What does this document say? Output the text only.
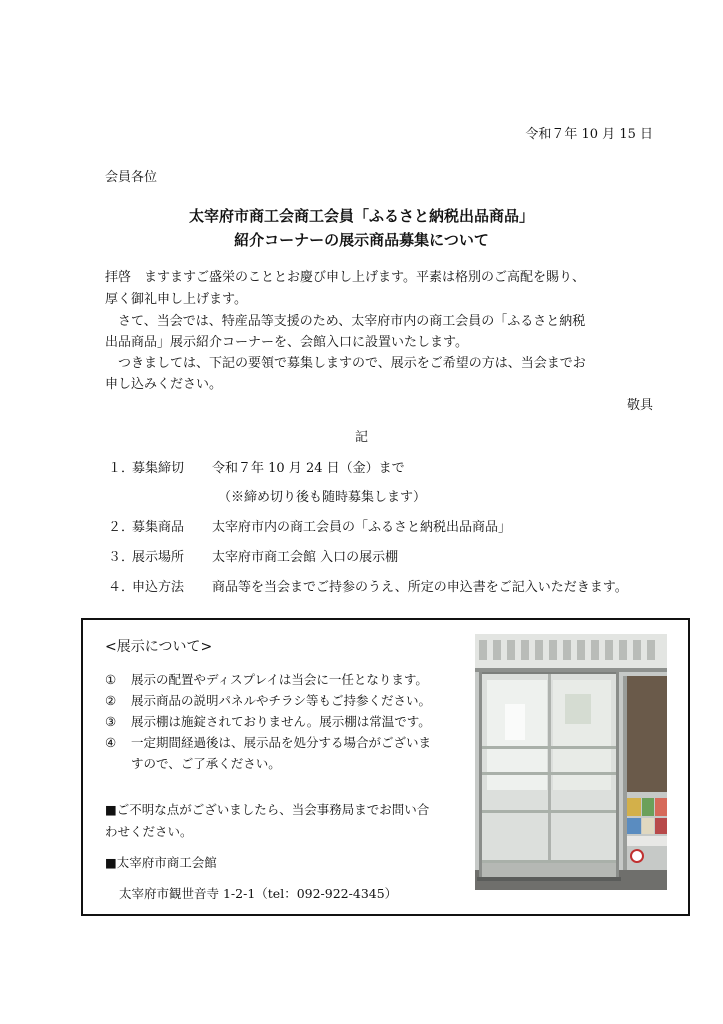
令和７年 10 月 15 日
会員各位
太宰府市商工会商工会員「ふるさと納税出品商品」
紹介コーナーの展示商品募集について
拝啓　ますますご盛栄のこととお慶び申し上げます。平素は格別のご高配を賜り、
厚く御礼申し上げます。
　さて、当会では、特産品等支援のため、太宰府市内の商工会員の「ふるさと納税
出品商品」展示紹介コーナーを、会館入口に設置いたします。
　つきましては、下記の要領で募集しますので、展示をご希望の方は、当会までお
申し込みください。
敬具
記
１．募集締切 令和７年 10 月 24 日（金）まで
（※締め切り後も随時募集します）
２．募集商品 太宰府市内の商工会員の「ふるさと納税出品商品」
３．展示場所 太宰府市商工会館 入口の展示棚
４．申込方法 商品等を当会までご持参のうえ、所定の申込書をご記入いただきます。
<展示について>
① 展示の配置やディスプレイは当会に一任となります。
② 展示商品の説明パネルやチラシ等もご持参ください。
③ 展示棚は施錠されておりません。展示棚は常温です。
④ 一定期間経過後は、展示品を処分する場合がございま
すので、ご了承ください。
■ご不明な点がございましたら、当会事務局までお問い合
わせください。
■太宰府市商工会館
太宰府市観世音寺 1-2-1（tel：092-922-4345）
